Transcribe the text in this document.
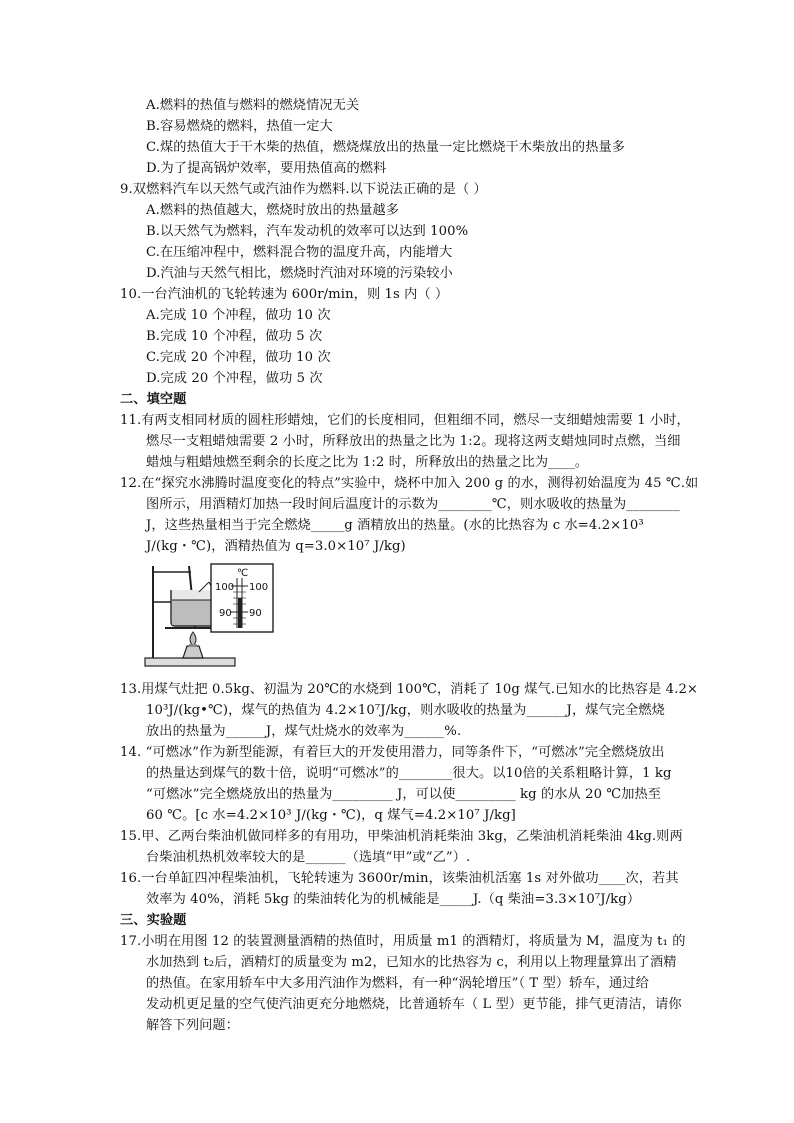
A.燃料的热值与燃料的燃烧情况无关
B.容易燃烧的燃料，热值一定大
C.煤的热值大于干木柴的热值，燃烧煤放出的热量一定比燃烧干木柴放出的热量多
D.为了提高锅炉效率，要用热值高的燃料
9.双燃料汽车以天然气或汽油作为燃料.以下说法正确的是（ ）
A.燃料的热值越大，燃烧时放出的热量越多
B.以天然气为燃料，汽车发动机的效率可以达到 100%
C.在压缩冲程中，燃料混合物的温度升高，内能增大
D.汽油与天然气相比，燃烧时汽油对环境的污染较小
10.一台汽油机的飞轮转速为 600r/min，则 1s 内（ ）
A.完成 10 个冲程，做功 10 次
B.完成 10 个冲程，做功 5 次
C.完成 20 个冲程，做功 10 次
D.完成 20 个冲程，做功 5 次
二、填空题
11.有两支相同材质的圆柱形蜡烛，它们的长度相同，但粗细不同，燃尽一支细蜡烛需要 1 小时，
燃尽一支粗蜡烛需要 2 小时，所释放出的热量之比为 1:2。现将这两支蜡烛同时点燃，当细
蜡烛与粗蜡烛燃至剩余的长度之比为 1:2 时，所释放出的热量之比为____。
12.在“探究水沸腾时温度变化的特点”实验中，烧杯中加入 200 g 的水，测得初始温度为 45 ℃.如
图所示，用酒精灯加热一段时间后温度计的示数为________℃，则水吸收的热量为________
J，这些热量相当于完全燃烧_____g 酒精放出的热量。(水的比热容为 c 水=4.2×10³
J/(kg・℃)，酒精热值为 q=3.0×10⁷ J/kg)
℃
100 100
90 90
13.用煤气灶把 0.5kg、初温为 20℃的水烧到 100℃，消耗了 10g 煤气.已知水的比热容是 4.2×
10³J/(kg•℃)，煤气的热值为 4.2×10⁷J/kg，则水吸收的热量为______J，煤气完全燃烧
放出的热量为______J，煤气灶烧水的效率为______%.
14. “可燃冰”作为新型能源，有着巨大的开发使用潜力，同等条件下，“可燃冰”完全燃烧放出
的热量达到煤气的数十倍，说明“可燃冰”的________很大。以10倍的关系粗略计算，1 kg
“可燃冰”完全燃烧放出的热量为_________ J，可以使_________ kg 的水从 20 ℃加热至
60 ℃。[c 水=4.2×10³ J/(kg・℃)，q 煤气=4.2×10⁷ J/kg]
15.甲、乙两台柴油机做同样多的有用功，甲柴油机消耗柴油 3kg，乙柴油机消耗柴油 4kg.则两
台柴油机热机效率较大的是______（选填“甲”或“乙”）.
16.一台单缸四冲程柴油机，飞轮转速为 3600r/min，该柴油机活塞 1s 对外做功____次，若其
效率为 40%，消耗 5kg 的柴油转化为的机械能是_____J.（q 柴油=3.3×10⁷J/kg）
三、实验题
17.小明在用图 12 的装置测量酒精的热值时，用质量 m1 的酒精灯，将质量为 M，温度为 t₁ 的
水加热到 t₂后，酒精灯的质量变为 m2，已知水的比热容为 c，利用以上物理量算出了酒精
的热值。在家用轿车中大多用汽油作为燃料，有一种“涡轮增压”（ T 型）轿车，通过给
发动机更足量的空气使汽油更充分地燃烧，比普通轿车（ L 型）更节能，排气更清洁，请你
解答下列问题：
